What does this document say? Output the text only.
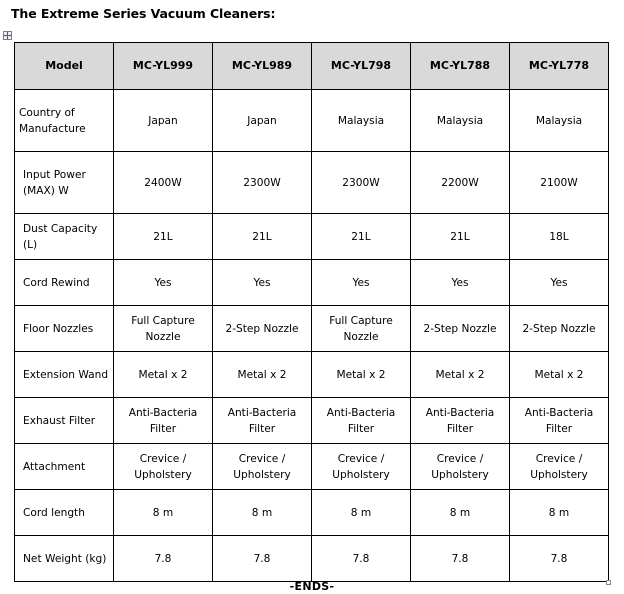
The Extreme Series Vacuum Cleaners:
Model	MC-YL999	MC-YL989	MC-YL798	MC-YL788	MC-YL778
Country of Manufacture	Japan	Japan	Malaysia	Malaysia	Malaysia
Input Power (MAX) W	2400W	2300W	2300W	2200W	2100W
Dust Capacity (L)	21L	21L	21L	21L	18L
Cord Rewind	Yes	Yes	Yes	Yes	Yes
Floor Nozzles	Full Capture Nozzle	2-Step Nozzle	Full Capture Nozzle	2-Step Nozzle	2-Step Nozzle
Extension Wand	Metal x 2	Metal x 2	Metal x 2	Metal x 2	Metal x 2
Exhaust Filter	Anti-Bacteria Filter	Anti-Bacteria Filter	Anti-Bacteria Filter	Anti-Bacteria Filter	Anti-Bacteria Filter
Attachment	Crevice / Upholstery	Crevice / Upholstery	Crevice / Upholstery	Crevice / Upholstery	Crevice / Upholstery
Cord length	8 m	8 m	8 m	8 m	8 m
Net Weight (kg)	7.8	7.8	7.8	7.8	7.8
-ENDS-
